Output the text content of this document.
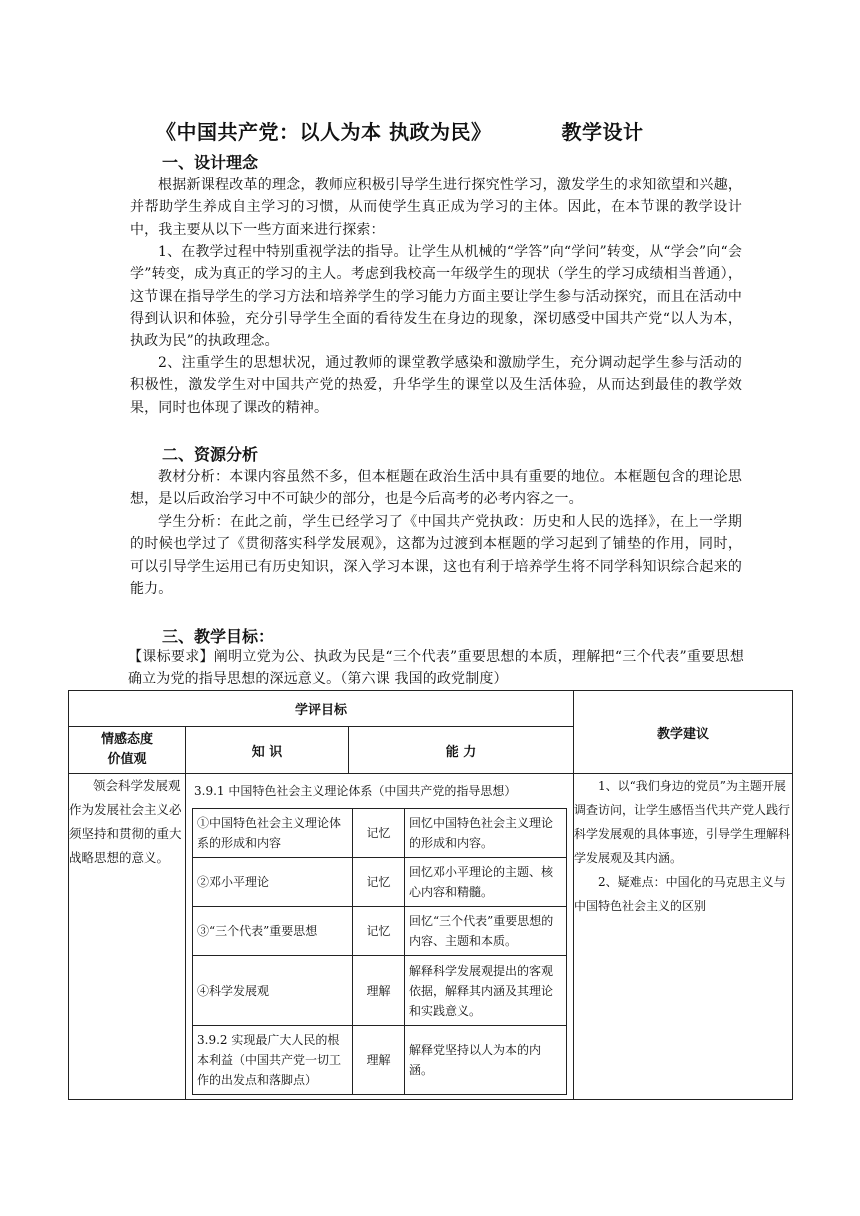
《中国共产党：以人为本 执政为民》	教学设计
一、设计理念

根据新课程改革的理念，教师应积极引导学生进行探究性学习，激发学生的求知欲望和兴趣，并帮助学生养成自主学习的习惯，从而使学生真正成为学习的主体。因此，在本节课的教学设计中，我主要从以下一些方面来进行探索：

1、在教学过程中特别重视学法的指导。让学生从机械的“学答”向“学问”转变，从“学会”向“会学”转变，成为真正的学习的主人。考虑到我校高一年级学生的现状（学生的学习成绩相当普通），这节课在指导学生的学习方法和培养学生的学习能力方面主要让学生参与活动探究，而且在活动中得到认识和体验，充分引导学生全面的看待发生在身边的现象，深切感受中国共产党“以人为本，执政为民”的执政理念。

2、注重学生的思想状况，通过教师的课堂教学感染和激励学生，充分调动起学生参与活动的积极性，激发学生对中国共产党的热爱，升华学生的课堂以及生活体验，从而达到最佳的教学效果，同时也体现了课改的精神。

二、资源分析

教材分析：本课内容虽然不多，但本框题在政治生活中具有重要的地位。本框题包含的理论思想，是以后政治学习中不可缺少的部分，也是今后高考的必考内容之一。

学生分析：在此之前，学生已经学习了《中国共产党执政：历史和人民的选择》，在上一学期的时候也学过了《贯彻落实科学发展观》，这都为过渡到本框题的学习起到了铺垫的作用，同时，可以引导学生运用已有历史知识，深入学习本课，这也有利于培养学生将不同学科知识综合起来的能力。

三、教学目标：

【课标要求】阐明立党为公、执政为民是“三个代表”重要思想的本质，理解把“三个代表”重要思想确立为党的指导思想的深远意义。（第六课 我国的政党制度）

学评目标	教学建议
情感态度
价值观		知 识	能 力

领会科学发展观作为发展社会主义必须坚持和贯彻的重大战略思想的意义。	
3.9.1 中国特色社会主义理论体系（中国共产党的指导思想）
①中国特色社会主义理论体系的形成和内容	记忆	回忆中国特色社会主义理论的形成和内容。
②邓小平理论	记忆	回忆邓小平理论的主题、核心内容和精髓。
③“三个代表”重要思想	记忆	回忆“三个代表”重要思想的内容、主题和本质。
④科学发展观	理解	解释科学发展观提出的客观依据，解释其内涵及其理论和实践意义。
3.9.2 实现最广大人民的根本利益（中国共产党一切工作的出发点和落脚点）	理解	解释党坚持以人为本的内涵。

1、以“我们身边的党员”为主题开展调查访问，让学生感悟当代共产党人践行科学发展观的具体事迹，引导学生理解科学发展观及其内涵。

2、疑难点：中国化的马克思主义与中国特色社会主义的区别
